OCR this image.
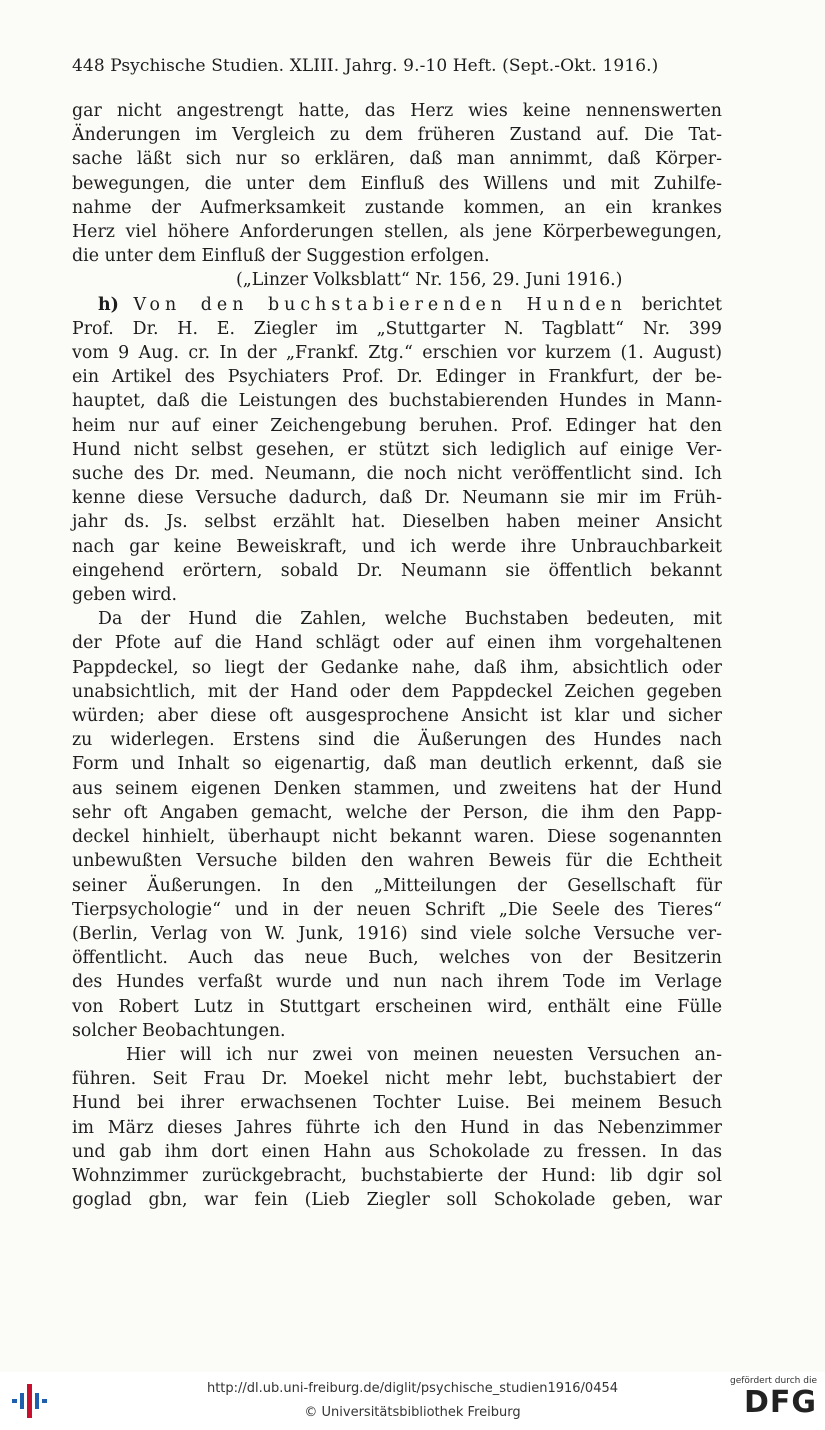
448 Psychische Studien. XLIII. Jahrg. 9.-10 Heft. (Sept.-Okt. 1916.)
gar nicht angestrengt hatte, das Herz wies keine nennenswerten
Änderungen im Vergleich zu dem früheren Zustand auf. Die Tat-
sache läßt sich nur so erklären, daß man annimmt, daß Körper-
bewegungen, die unter dem Einfluß des Willens und mit Zuhilfe-
nahme der Aufmerksamkeit zustande kommen, an ein krankes
Herz viel höhere Anforderungen stellen, als jene Körperbewegungen,
die unter dem Einfluß der Suggestion erfolgen.
(„Linzer Volksblatt“ Nr. 156, 29. Juni 1916.)
h) Von den buchstabierenden Hunden berichtet
Prof. Dr. H. E. Ziegler im „Stuttgarter N. Tagblatt“ Nr. 399
vom 9 Aug. cr. In der „Frankf. Ztg.“ erschien vor kurzem (1. August)
ein Artikel des Psychiaters Prof. Dr. Edinger in Frankfurt, der be-
hauptet, daß die Leistungen des buchstabierenden Hundes in Mann-
heim nur auf einer Zeichengebung beruhen. Prof. Edinger hat den
Hund nicht selbst gesehen, er stützt sich lediglich auf einige Ver-
suche des Dr. med. Neumann, die noch nicht veröffentlicht sind. Ich
kenne diese Versuche dadurch, daß Dr. Neumann sie mir im Früh-
jahr ds. Js. selbst erzählt hat. Dieselben haben meiner Ansicht
nach gar keine Beweiskraft, und ich werde ihre Unbrauchbarkeit
eingehend erörtern, sobald Dr. Neumann sie öffentlich bekannt
geben wird.
Da der Hund die Zahlen, welche Buchstaben bedeuten, mit
der Pfote auf die Hand schlägt oder auf einen ihm vorgehaltenen
Pappdeckel, so liegt der Gedanke nahe, daß ihm, absichtlich oder
unabsichtlich, mit der Hand oder dem Pappdeckel Zeichen gegeben
würden; aber diese oft ausgesprochene Ansicht ist klar und sicher
zu widerlegen. Erstens sind die Äußerungen des Hundes nach
Form und Inhalt so eigenartig, daß man deutlich erkennt, daß sie
aus seinem eigenen Denken stammen, und zweitens hat der Hund
sehr oft Angaben gemacht, welche der Person, die ihm den Papp-
deckel hinhielt, überhaupt nicht bekannt waren. Diese sogenannten
unbewußten Versuche bilden den wahren Beweis für die Echtheit
seiner Äußerungen. In den „Mitteilungen der Gesellschaft für
Tierpsychologie“ und in der neuen Schrift „Die Seele des Tieres“
(Berlin, Verlag von W. Junk, 1916) sind viele solche Versuche ver-
öffentlicht. Auch das neue Buch, welches von der Besitzerin
des Hundes verfaßt wurde und nun nach ihrem Tode im Verlage
von Robert Lutz in Stuttgart erscheinen wird, enthält eine Fülle
solcher Beobachtungen.
Hier will ich nur zwei von meinen neuesten Versuchen an-
führen. Seit Frau Dr. Moekel nicht mehr lebt, buchstabiert der
Hund bei ihrer erwachsenen Tochter Luise. Bei meinem Besuch
im März dieses Jahres führte ich den Hund in das Nebenzimmer
und gab ihm dort einen Hahn aus Schokolade zu fressen. In das
Wohnzimmer zurückgebracht, buchstabierte der Hund: lib dgir sol
goglad gbn, war fein (Lieb Ziegler soll Schokolade geben, war
http://dl.ub.uni-freiburg.de/diglit/psychische_studien1916/0454
© Universitätsbibliothek Freiburg
gefördert durch die
DFG
